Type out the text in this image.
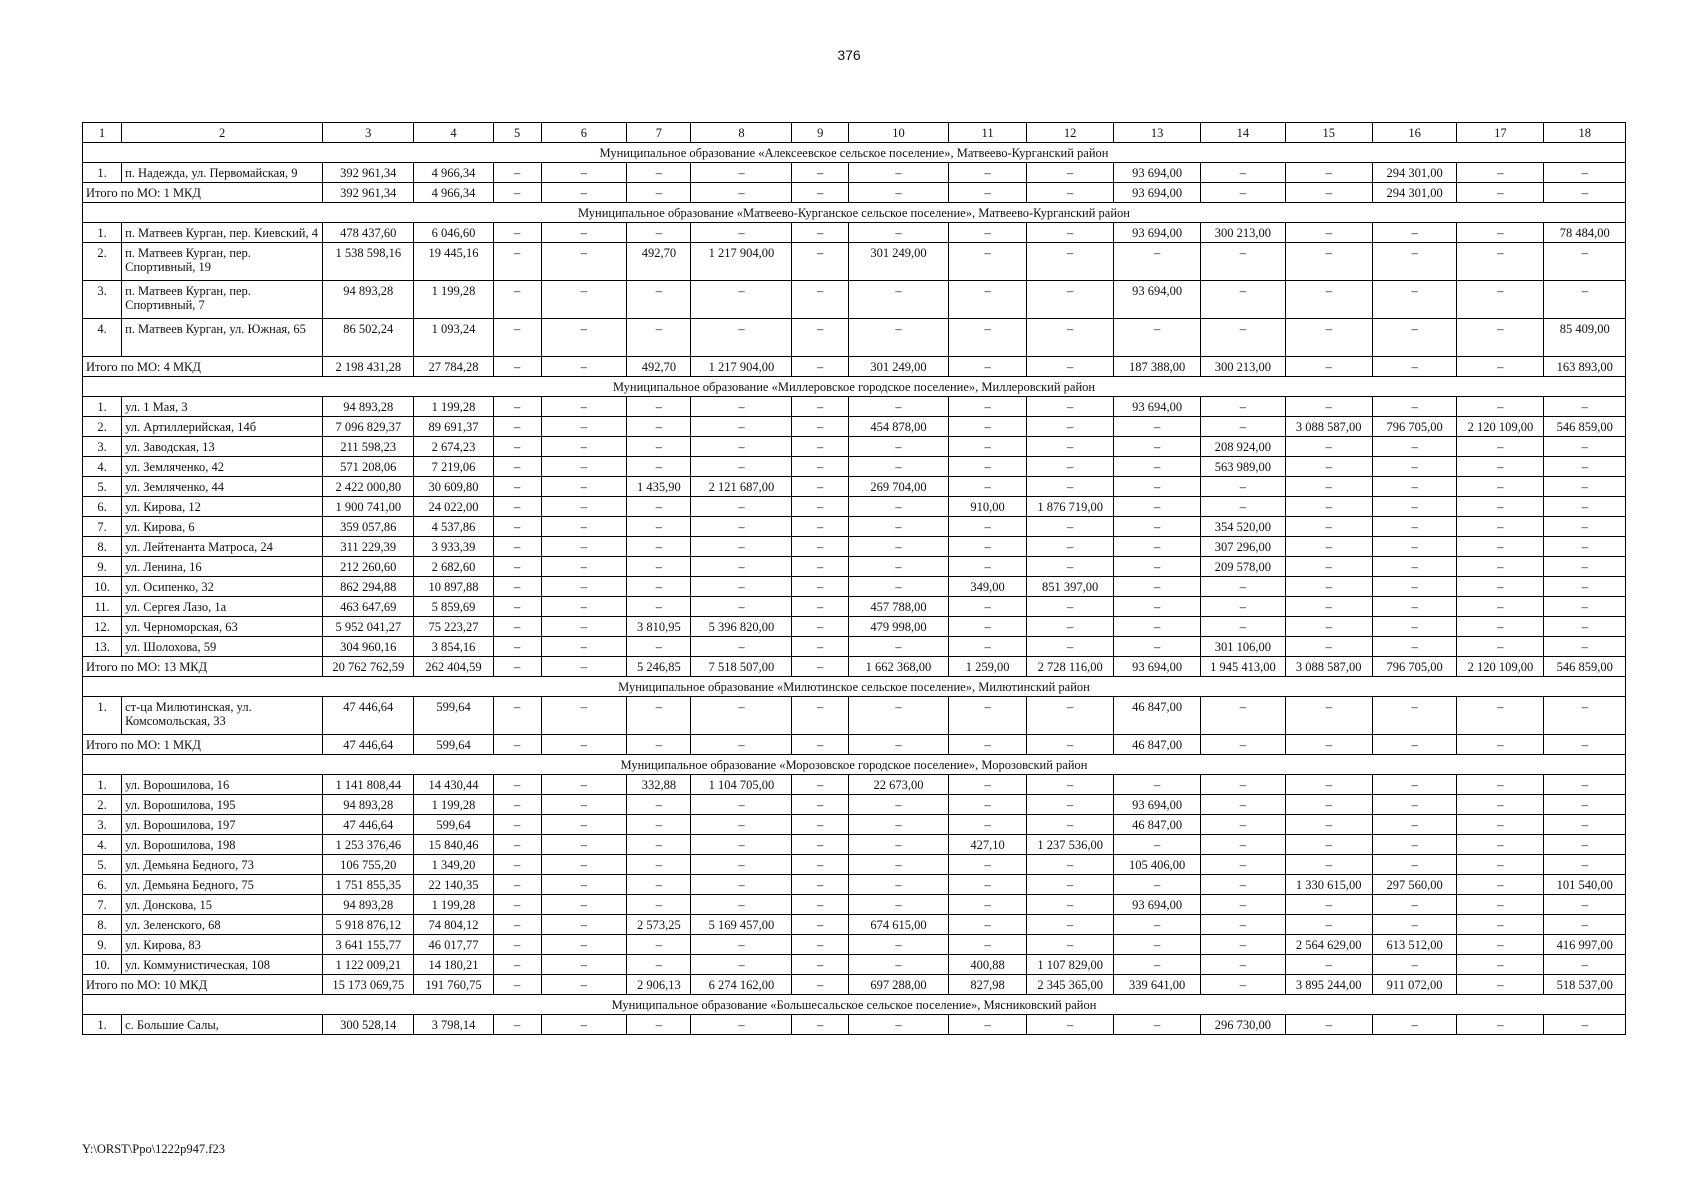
376
1	2	3	4	5	6	7	8	9	10	11	12	13	14	15	16	17	18
Муниципальное образование «Алексеевское сельское поселение», Матвеево-Курганский район																	
1.	п. Надежда, ул. Первомайская, 9	392 961,34	4 966,34	–	–	–	–	–	–	–	–	93 694,00	–	–	294 301,00	–	–
Итого по МО: 1 МКД		392 961,34	4 966,34	–	–	–	–	–	–	–	–	93 694,00	–	–	294 301,00	–	–
Муниципальное образование «Матвеево-Курганское сельское поселение», Матвеево-Курганский район																	
1.	п. Матвеев Курган, пер. Киевский, 4	478 437,60	6 046,60	–	–	–	–	–	–	–	–	93 694,00	300 213,00	–	–	–	78 484,00
2.	п. Матвеев Курган, пер. Спортивный, 19	1 538 598,16	19 445,16	–	–	492,70	1 217 904,00	–	301 249,00	–	–	–	–	–	–	–	–
3.	п. Матвеев Курган, пер. Спортивный, 7	94 893,28	1 199,28	–	–	–	–	–	–	–	–	93 694,00	–	–	–	–	–
4.	п. Матвеев Курган, ул. Южная, 65	86 502,24	1 093,24	–	–	–	–	–	–	–	–	–	–	–	–	–	85 409,00
Итого по МО: 4 МКД		2 198 431,28	27 784,28	–	–	492,70	1 217 904,00	–	301 249,00	–	–	187 388,00	300 213,00	–	–	–	163 893,00
Муниципальное образование «Миллеровское городское поселение», Миллеровский район																	
1.	ул. 1 Мая, 3	94 893,28	1 199,28	–	–	–	–	–	–	–	–	93 694,00	–	–	–	–	–
2.	ул. Артиллерийская, 14б	7 096 829,37	89 691,37	–	–	–	–	–	454 878,00	–	–	–	–	3 088 587,00	796 705,00	2 120 109,00	546 859,00
3.	ул. Заводская, 13	211 598,23	2 674,23	–	–	–	–	–	–	–	–	–	208 924,00	–	–	–	–
4.	ул. Земляченко, 42	571 208,06	7 219,06	–	–	–	–	–	–	–	–	–	563 989,00	–	–	–	–
5.	ул. Земляченко, 44	2 422 000,80	30 609,80	–	–	1 435,90	2 121 687,00	–	269 704,00	–	–	–	–	–	–	–	–
6.	ул. Кирова, 12	1 900 741,00	24 022,00	–	–	–	–	–	–	910,00	1 876 719,00	–	–	–	–	–	–
7.	ул. Кирова, 6	359 057,86	4 537,86	–	–	–	–	–	–	–	–	–	354 520,00	–	–	–	–
8.	ул. Лейтенанта Матроса, 24	311 229,39	3 933,39	–	–	–	–	–	–	–	–	–	307 296,00	–	–	–	–
9.	ул. Ленина, 16	212 260,60	2 682,60	–	–	–	–	–	–	–	–	–	209 578,00	–	–	–	–
10.	ул. Осипенко, 32	862 294,88	10 897,88	–	–	–	–	–	–	349,00	851 397,00	–	–	–	–	–	–
11.	ул. Сергея Лазо, 1а	463 647,69	5 859,69	–	–	–	–	–	457 788,00	–	–	–	–	–	–	–	–
12.	ул. Черноморская, 63	5 952 041,27	75 223,27	–	–	3 810,95	5 396 820,00	–	479 998,00	–	–	–	–	–	–	–	–
13.	ул. Шолохова, 59	304 960,16	3 854,16	–	–	–	–	–	–	–	–	–	301 106,00	–	–	–	–
Итого по МО: 13 МКД		20 762 762,59	262 404,59	–	–	5 246,85	7 518 507,00	–	1 662 368,00	1 259,00	2 728 116,00	93 694,00	1 945 413,00	3 088 587,00	796 705,00	2 120 109,00	546 859,00
Муниципальное образование «Милютинское сельское поселение», Милютинский район																	
1.	ст-ца Милютинская, ул. Комсомольская, 33	47 446,64	599,64	–	–	–	–	–	–	–	–	46 847,00	–	–	–	–	–
Итого по МО: 1 МКД		47 446,64	599,64	–	–	–	–	–	–	–	–	46 847,00	–	–	–	–	–
Муниципальное образование «Морозовское городское поселение», Морозовский район																	
1.	ул. Ворошилова, 16	1 141 808,44	14 430,44	–	–	332,88	1 104 705,00	–	22 673,00	–	–	–	–	–	–	–	–
2.	ул. Ворошилова, 195	94 893,28	1 199,28	–	–	–	–	–	–	–	–	93 694,00	–	–	–	–	–
3.	ул. Ворошилова, 197	47 446,64	599,64	–	–	–	–	–	–	–	–	46 847,00	–	–	–	–	–
4.	ул. Ворошилова, 198	1 253 376,46	15 840,46	–	–	–	–	–	–	427,10	1 237 536,00	–	–	–	–	–	–
5.	ул. Демьяна Бедного, 73	106 755,20	1 349,20	–	–	–	–	–	–	–	–	105 406,00	–	–	–	–	–
6.	ул. Демьяна Бедного, 75	1 751 855,35	22 140,35	–	–	–	–	–	–	–	–	–	–	1 330 615,00	297 560,00	–	101 540,00
7.	ул. Донскова, 15	94 893,28	1 199,28	–	–	–	–	–	–	–	–	93 694,00	–	–	–	–	–
8.	ул. Зеленского, 68	5 918 876,12	74 804,12	–	–	2 573,25	5 169 457,00	–	674 615,00	–	–	–	–	–	–	–	–
9.	ул. Кирова, 83	3 641 155,77	46 017,77	–	–	–	–	–	–	–	–	–	–	2 564 629,00	613 512,00	–	416 997,00
10.	ул. Коммунистическая, 108	1 122 009,21	14 180,21	–	–	–	–	–	–	400,88	1 107 829,00	–	–	–	–	–	–
Итого по МО: 10 МКД		15 173 069,75	191 760,75	–	–	2 906,13	6 274 162,00	–	697 288,00	827,98	2 345 365,00	339 641,00	–	3 895 244,00	911 072,00	–	518 537,00
Муниципальное образование «Большесальское сельское поселение», Мясниковский район																	
1.	с. Большие Салы,	300 528,14	3 798,14	–	–	–	–	–	–	–	–	–	296 730,00	–	–	–	–
Y:\ORST\Ppo\1222p947.f23
